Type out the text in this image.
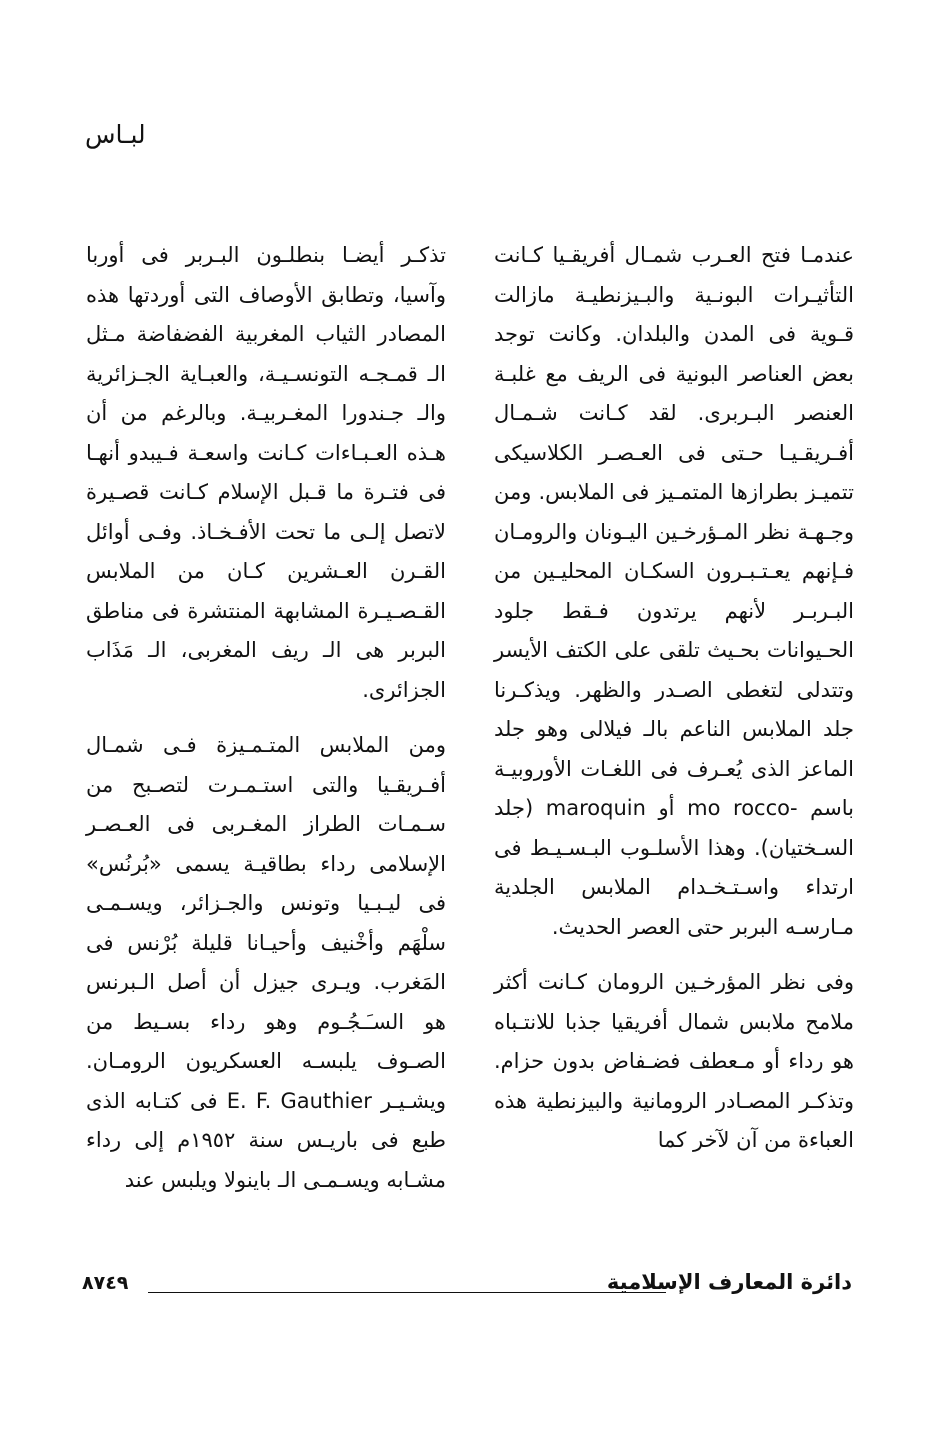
لبـاس

عندمـا فتح العـرب شمـال أفريقـيا كـانت التأثيـرات البونـية والبـيزنطيـة مازالت قـوية فى المدن والبلدان. وكانت توجد بعض العناصر البونية فى الريف مع غلبـة العنصر البـربرى. لقد كـانت شـمـال أفـريقـيـا حـتى فى العـصـر الكلاسيكى تتميـز بطرازها المتمـيز فى الملابس. ومن وجـهـة نظر المـؤرخـين اليـونان والرومـان فـإنهم يعـتـبـرون السكـان المحليـين من البـربـر لأنهم يرتدون فـقط جلود الحـيوانات بحـيث تلقى على الكتف الأيسر وتتدلى لتغطى الصـدر والظهر. ويذكـرنا جلد الملابس الناعم بالـ فيلالى وهو جلد الماعز الذى يُعـرف فى اللغـات الأوروبيـة باسم -mo rocco أو maroquin (جلد السـختيان). وهذا الأسلـوب البـسـيـط فى ارتداء واسـتـخـدام الملابس الجلدية مـارسـه البربر حتى العصر الحديث.

وفى نظر المؤرخـين الرومان كـانت أكثر ملامح ملابس شمال أفريقيا جذبا للانتـباه هو رداء أو مـعطف فضـفاض بدون حزام. وتذكـر المصـادر الرومانية والبيزنطية هذه العباءة من آن لآخر كما

تذكـر أيضـا بنطلـون البـربر فى أوربا وآسيا، وتطابق الأوصاف التى أوردتها هذه المصادر الثياب المغربية الفضفاضة مـثل الـ قمـجـه التونسـيـة، والعبـاية الجـزائرية والـ جـندورا المغـربيـة. وبالرغم من أن هـذه العـبـاءات كـانت واسعـة فـيبدو أنهـا فى فتـرة ما قـبل الإسلام كـانت قصـيرة لاتصل إلـى ما تحت الأفـخـاذ. وفـى أوائل القـرن العـشرين كـان من الملابس القـصـيـرة المشابهة المنتشرة فى مناطق البربر هى الـ ريف المغربى، الـ مَذَاب الجزائرى.

ومن الملابس المتـمـيزة فـى شمـال أفـريقـيا والتى استـمـرت لتصـبح من سـمـات الطراز المغـربى فى العـصـر الإسلامى رداء بطاقيـة يسمى «بُرنُس» فى ليـبـيا وتونس والجـزائر، ويسـمـى سلْهَم وأخْنيف وأحيـانا قليلة بُرْنس فى المَغرب. ويـرى جيزل أن أصل الـبرنس هو السـَـجُـوم وهو رداء بسـيط من الصـوف يلبسـه العسكريون الرومـان. ويشـيـر E. F. Gauthier فى كتـابه الذى طبع فى باريـس سنة ١٩٥٢م إلى رداء مشـابه ويسـمـى الـ باينولا ويلبس عند

دائرة المعارف الإسلامية
٨٧٤٩
